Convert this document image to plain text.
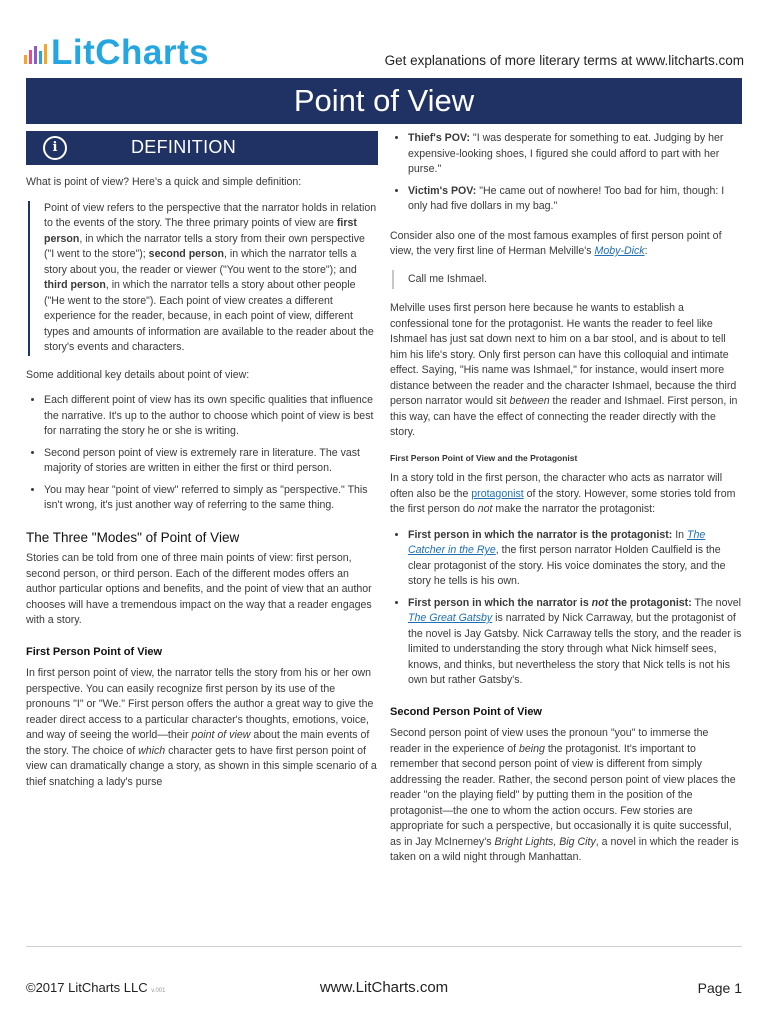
LitCharts	Get explanations of more literary terms at www.litcharts.com
Point of View
i	DEFINITION

What is point of view? Here's a quick and simple definition:

Point of view refers to the perspective that the narrator holds in relation to the events of the story. The three primary points of view are first person, in which the narrator tells a story from their own perspective ("I went to the store"); second person, in which the narrator tells a story about you, the reader or viewer ("You went to the store"); and third person, in which the narrator tells a story about other people ("He went to the store"). Each point of view creates a different experience for the reader, because, in each point of view, different types and amounts of information are available to the reader about the story's events and characters.

Some additional key details about point of view:

• Each different point of view has its own specific qualities that influence the narrative. It's up to the author to choose which point of view is best for narrating the story he or she is writing.
• Second person point of view is extremely rare in literature. The vast majority of stories are written in either the first or third person.
• You may hear "point of view" referred to simply as "perspective." This isn't wrong, it's just another way of referring to the same thing.
The Three "Modes" of Point of View

Stories can be told from one of three main points of view: first person, second person, or third person. Each of the different modes offers an author particular options and benefits, and the point of view that an author chooses will have a tremendous impact on the way that a reader engages with a story.

First Person Point of View

In first person point of view, the narrator tells the story from his or her own perspective. You can easily recognize first person by its use of the pronouns "I" or "We." First person offers the author a great way to give the reader direct access to a particular character's thoughts, emotions, voice, and way of seeing the world—their point of view about the main events of the story. The choice of which character gets to have first person point of view can dramatically change a story, as shown in this simple scenario of a thief snatching a lady's purse

• Thief's POV: "I was desperate for something to eat. Judging by her expensive-looking shoes, I figured she could afford to part with her purse."
• Victim's POV: "He came out of nowhere! Too bad for him, though: I only had five dollars in my bag."

Consider also one of the most famous examples of first person point of view, the very first line of Herman Melville's Moby-Dick:

Call me Ishmael.

Melville uses first person here because he wants to establish a confessional tone for the protagonist. He wants the reader to feel like Ishmael has just sat down next to him on a bar stool, and is about to tell him his life's story. Only first person can have this colloquial and intimate effect. Saying, "His name was Ishmael," for instance, would insert more distance between the reader and the character Ishmael, because the third person narrator would sit between the reader and Ishmael. First person, in this way, can have the effect of connecting the reader directly with the story.

First Person Point of View and the Protagonist

In a story told in the first person, the character who acts as narrator will often also be the protagonist of the story. However, some stories told from the first person do not make the narrator the protagonist:

• First person in which the narrator is the protagonist: In The Catcher in the Rye, the first person narrator Holden Caulfield is the clear protagonist of the story. His voice dominates the story, and the story he tells is his own.
• First person in which the narrator is not the protagonist: The novel The Great Gatsby is narrated by Nick Carraway, but the protagonist of the novel is Jay Gatsby. Nick Carraway tells the story, and the reader is limited to understanding the story through what Nick himself sees, knows, and thinks, but nevertheless the story that Nick tells is not his own but rather Gatsby's.
Second Person Point of View

Second person point of view uses the pronoun "you" to immerse the reader in the experience of being the protagonist. It's important to remember that second person point of view is different from simply addressing the reader. Rather, the second person point of view places the reader "on the playing field" by putting them in the position of the protagonist—the one to whom the action occurs. Few stories are appropriate for such a perspective, but occasionally it is quite successful, as in Jay McInerney's Bright Lights, Big City, a novel in which the reader is taken on a wild night through Manhattan.

©2017 LitCharts LLC v.001	www.LitCharts.com	Page 1
